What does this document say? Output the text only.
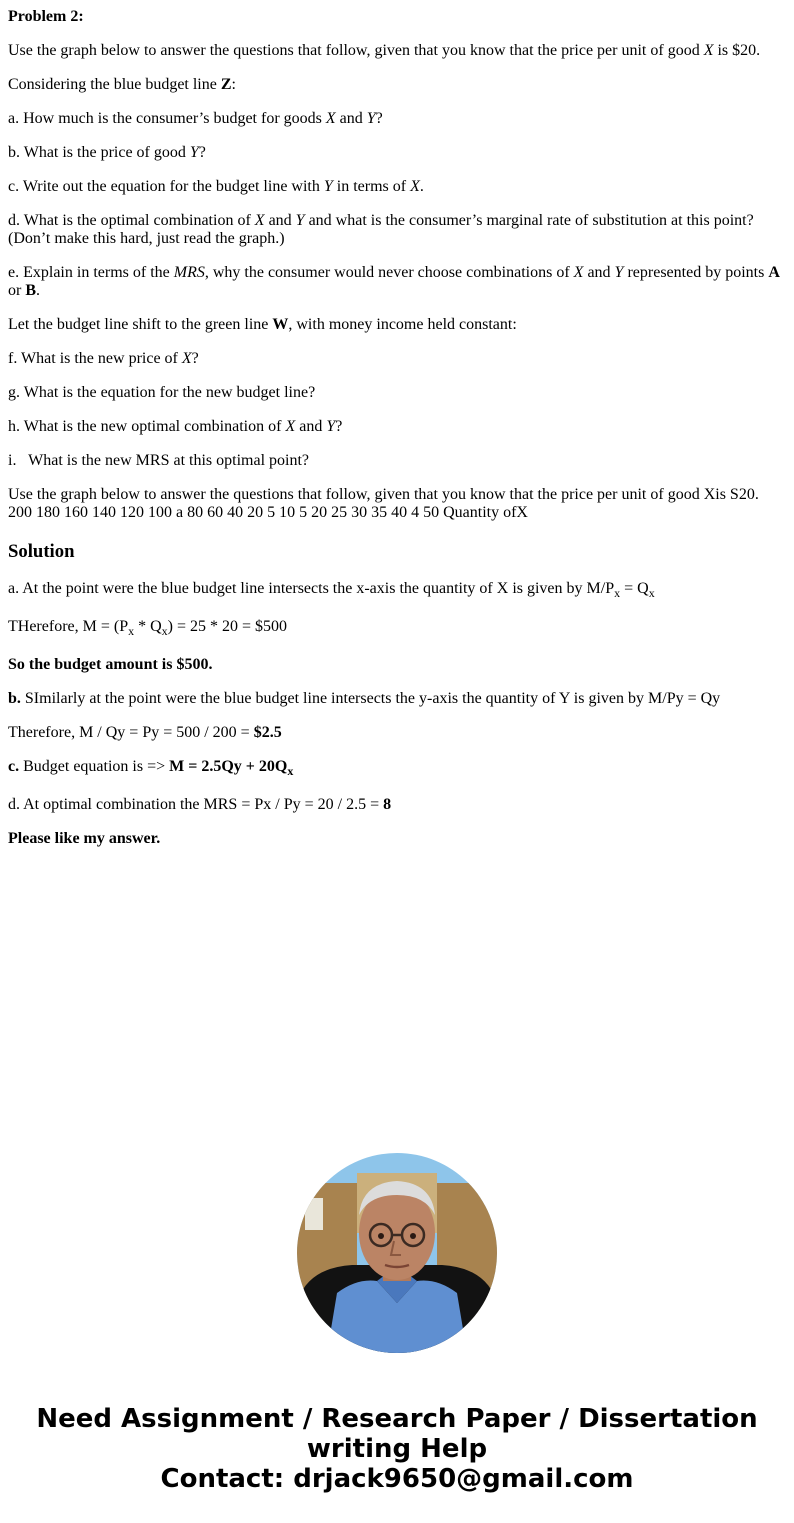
Problem 2:

Use the graph below to answer the questions that follow, given that you know that the price per unit of good X is $20.

Considering the blue budget line Z:

a. How much is the consumer’s budget for goods X and Y?

b. What is the price of good Y?

c. Write out the equation for the budget line with Y in terms of X.

d. What is the optimal combination of X and Y and what is the consumer’s marginal rate of substitution at this point? (Don’t make this hard, just read the graph.)

e. Explain in terms of the MRS, why the consumer would never choose combinations of X and Y represented by points A or B.

Let the budget line shift to the green line W, with money income held constant:

f. What is the new price of X?

g. What is the equation for the new budget line?

h. What is the new optimal combination of X and Y?

i.   What is the new MRS at this optimal point?

Use the graph below to answer the questions that follow, given that you know that the price per unit of good Xis S20. 200 180 160 140 120 100 a 80 60 40 20 5 10 5 20 25 30 35 40 4 50 Quantity ofX

Solution

a. At the point were the blue budget line intersects the x-axis the quantity of X is given by $M/P_x = Q_x$

THerefore, $M = (P_x * Q_x) = 25 * 20$ = $500

So the budget amount is $500.

b. SImilarly at the point were the blue budget line intersects the y-axis the quantity of Y is given by M/Py = Qy

Therefore, M / Qy = Py = 500 / 200 = $2.5

c. Budget equation is => $M = 2.5Qy + 20Q_x$

d. At optimal combination the MRS = Px / Py = 20 / 2.5 = 8

Please like my answer.

Need Assignment / Research Paper / Dissertation
writing Help
Contact: drjack9650@gmail.com
